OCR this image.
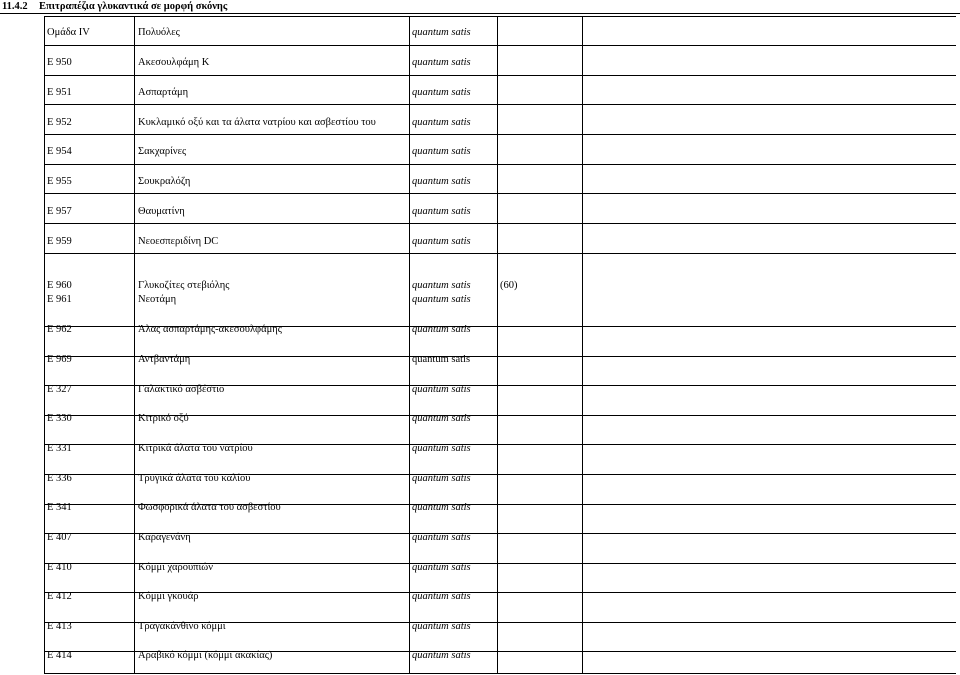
11.4.2 Επιτραπέζια γλυκαντικά σε μορφή σκόνης
Ομάδα IV	Πολυόλες	quantum satis
Ε 950	Ακεσουλφάμη Κ	quantum satis
Ε 951	Ασπαρτάμη	quantum satis
Ε 952	Κυκλαμικό οξύ και τα άλατα νατρίου και ασβεστίου του	quantum satis
Ε 954	Σακχαρίνες	quantum satis
Ε 955	Σουκραλόζη	quantum satis
Ε 957	Θαυματίνη	quantum satis
Ε 959	Νεοεσπεριδίνη DC	quantum satis
Ε 960	Γλυκοζίτες στεβιόλης	quantum satis	(60)
Ε 961	Νεοτάμη	quantum satis
Ε 962	Άλας ασπαρτάμης-ακεσουλφάμης	quantum satis
Ε 969	Αντβαντάμη	quantum satis
Ε 327	Γαλακτικό ασβέστιο	quantum satis
Ε 330	Κιτρικό οξύ	quantum satis
Ε 331	Κιτρικά άλατα του νατρίου	quantum satis
Ε 336	Τρυγικά άλατα του καλίου	quantum satis
Ε 341	Φωσφορικά άλατα του ασβεστίου	quantum satis
Ε 407	Καραγενάνη	quantum satis
Ε 410	Κόμμι χαρουπιών	quantum satis
Ε 412	Κόμμι γκουάρ	quantum satis
Ε 413	Τραγακάνθινο κόμμι	quantum satis
Ε 414	Αραβικό κόμμι (κόμμι ακακίας)	quantum satis
